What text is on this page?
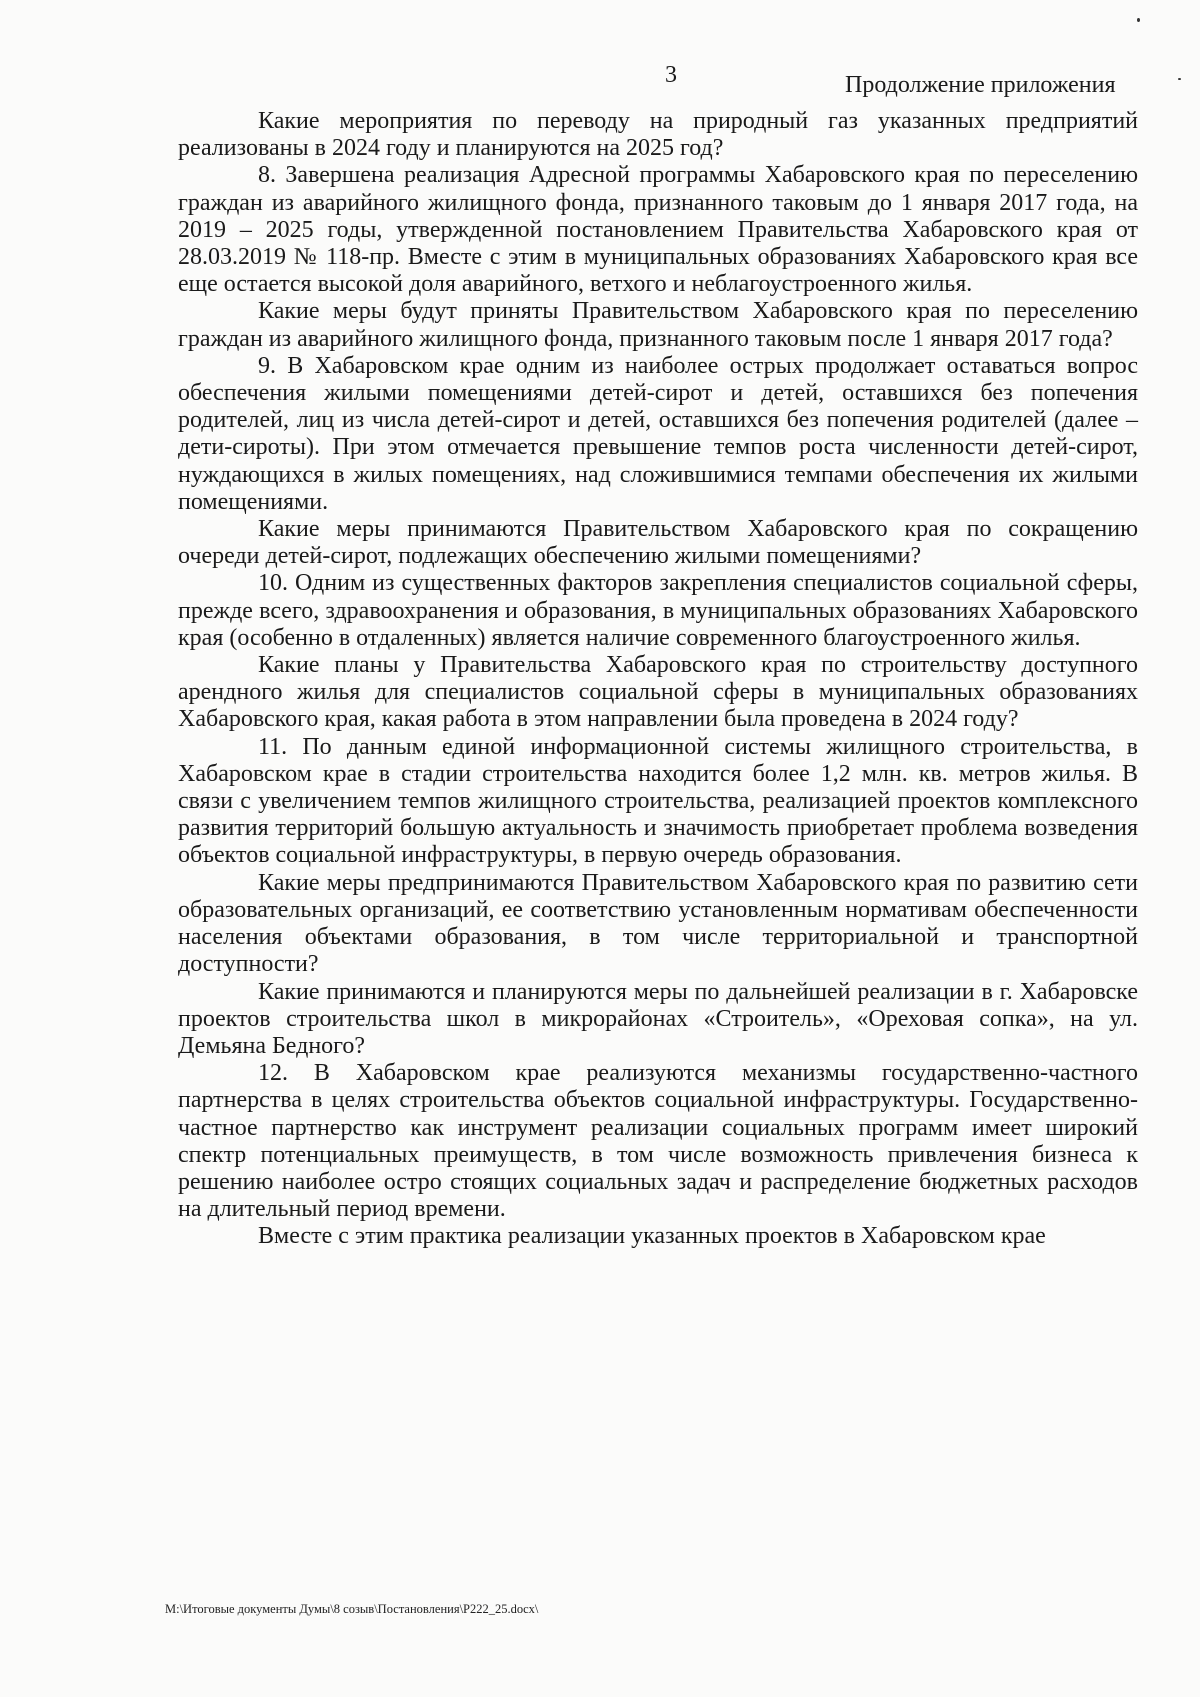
3	Продолжение приложения

Какие мероприятия по переводу на природный газ указанных предприятий реализованы в 2024 году и планируются на 2025 год?

8. Завершена реализация Адресной программы Хабаровского края по переселению граждан из аварийного жилищного фонда, признанного таковым до 1 января 2017 года, на 2019 – 2025 годы, утвержденной постановлением Правительства Хабаровского края от 28.03.2019 № 118-пр. Вместе с этим в муниципальных образованиях Хабаровского края все еще остается высокой доля аварийного, ветхого и неблагоустроенного жилья.

Какие меры будут приняты Правительством Хабаровского края по переселению граждан из аварийного жилищного фонда, признанного таковым после 1 января 2017 года?

9. В Хабаровском крае одним из наиболее острых продолжает оставаться вопрос обеспечения жилыми помещениями детей-сирот и детей, оставшихся без попечения родителей, лиц из числа детей-сирот и детей, оставшихся без попечения родителей (далее – дети-сироты). При этом отмечается превышение темпов роста численности детей-сирот, нуждающихся в жилых помещениях, над сложившимися темпами обеспечения их жилыми помещениями.

Какие меры принимаются Правительством Хабаровского края по сокращению очереди детей-сирот, подлежащих обеспечению жилыми помещениями?

10. Одним из существенных факторов закрепления специалистов социальной сферы, прежде всего, здравоохранения и образования, в муниципальных образованиях Хабаровского края (особенно в отдаленных) является наличие современного благоустроенного жилья.

Какие планы у Правительства Хабаровского края по строительству доступного арендного жилья для специалистов социальной сферы в муниципальных образованиях Хабаровского края, какая работа в этом направлении была проведена в 2024 году?

11. По данным единой информационной системы жилищного строительства, в Хабаровском крае в стадии строительства находится более 1,2 млн. кв. метров жилья. В связи с увеличением темпов жилищного строительства, реализацией проектов комплексного развития территорий большую актуальность и значимость приобретает проблема возведения объектов социальной инфраструктуры, в первую очередь образования.

Какие меры предпринимаются Правительством Хабаровского края по развитию сети образовательных организаций, ее соответствию установленным нормативам обеспеченности населения объектами образования, в том числе территориальной и транспортной доступности?

Какие принимаются и планируются меры по дальнейшей реализации в г. Хабаровске проектов строительства школ в микрорайонах «Строитель», «Ореховая сопка», на ул. Демьяна Бедного?

12. В Хабаровском крае реализуются механизмы государственно-частного партнерства в целях строительства объектов социальной инфраструктуры. Государственно-частное партнерство как инструмент реализации социальных программ имеет широкий спектр потенциальных преимуществ, в том числе возможность привлечения бизнеса к решению наиболее остро стоящих социальных задач и распределение бюджетных расходов на длительный период времени.

Вместе с этим практика реализации указанных проектов в Хабаровском крае

M:\Итоговые документы Думы\8 созыв\Постановления\P222_25.docx\
